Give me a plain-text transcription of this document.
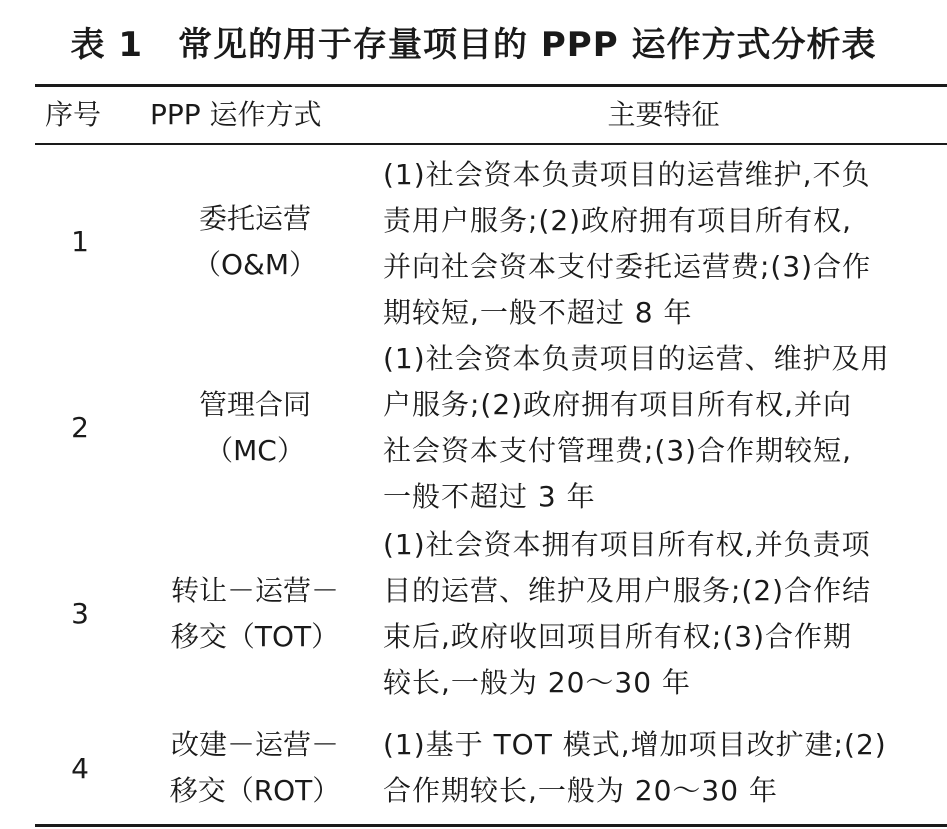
表 1　常见的用于存量项目的 PPP 运作方式分析表
序号	PPP 运作方式	主要特征
1
委托运营
（O&M）
(1)社会资本负责项目的运营维护,不负
责用户服务;(2)政府拥有项目所有权,
并向社会资本支付委托运营费;(3)合作
期较短,一般不超过 8 年
2
管理合同
（MC）
(1)社会资本负责项目的运营、维护及用
户服务;(2)政府拥有项目所有权,并向
社会资本支付管理费;(3)合作期较短,
一般不超过 3 年
3
转让－运营－
移交（TOT）
(1)社会资本拥有项目所有权,并负责项
目的运营、维护及用户服务;(2)合作结
束后,政府收回项目所有权;(3)合作期
较长,一般为 20～30 年
4
改建－运营－
移交（ROT）
(1)基于 TOT 模式,增加项目改扩建;(2)
合作期较长,一般为 20～30 年
